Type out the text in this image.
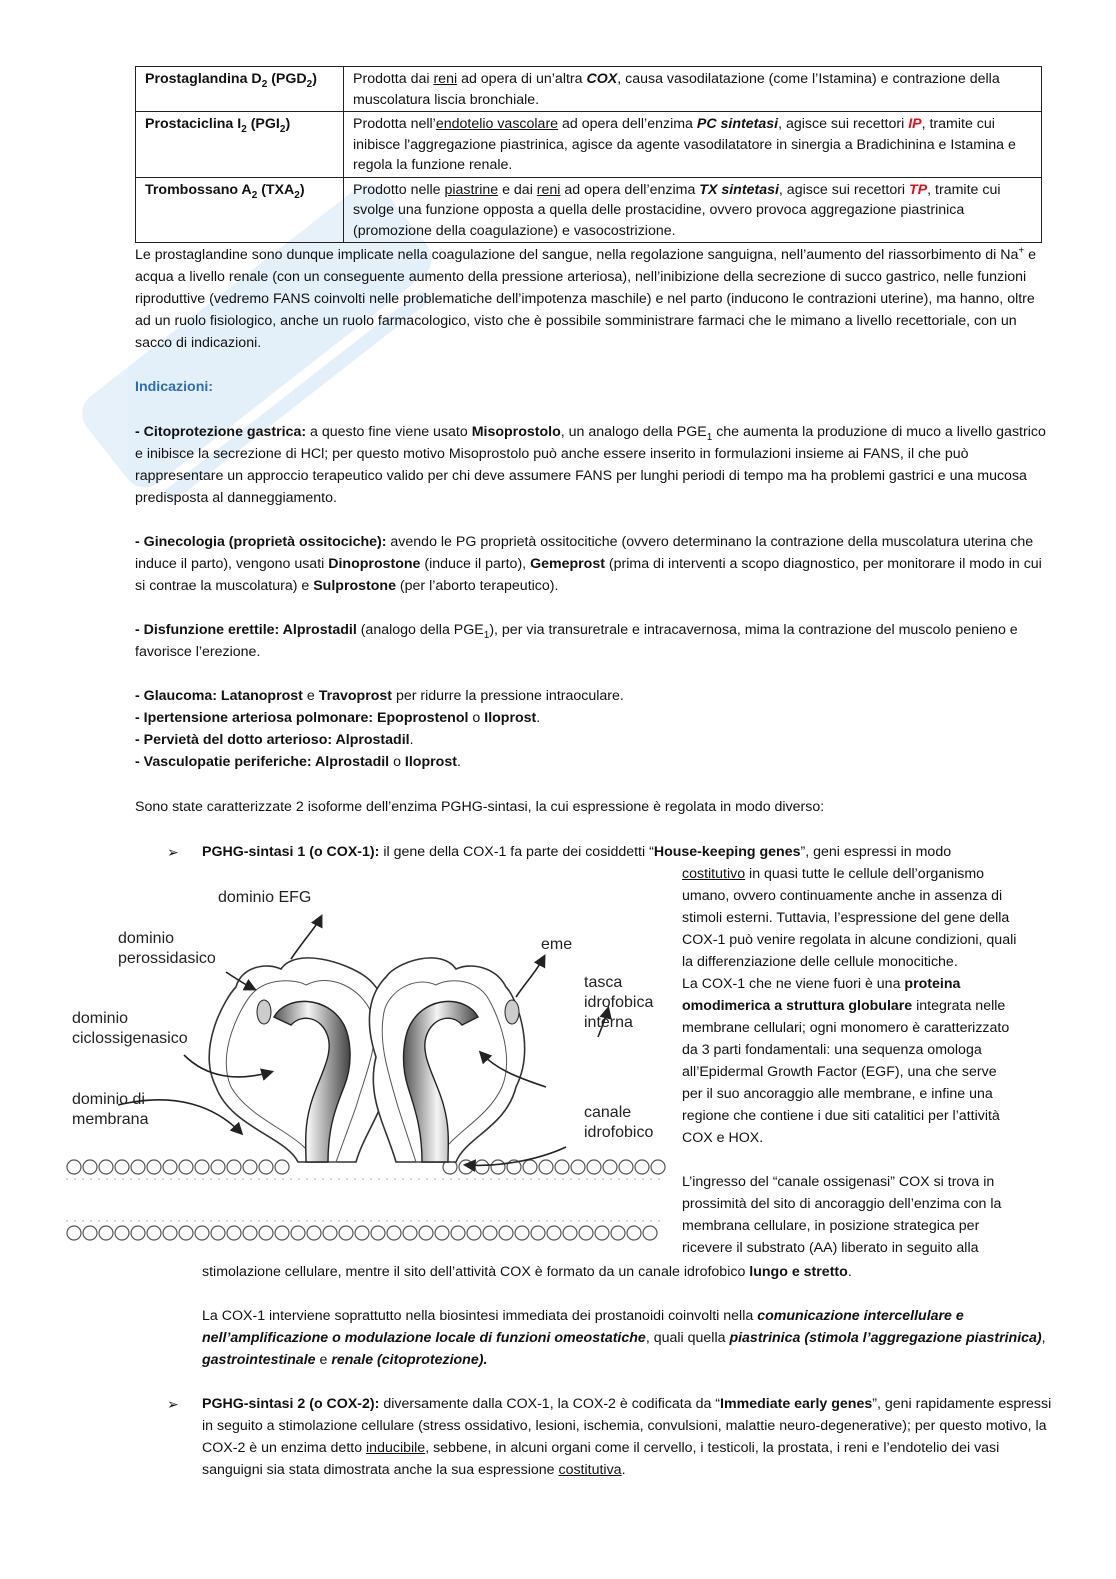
Prostaglandina $D_2$ $(PGD_2)$	Prodotta dai reni ad opera di un’altra COX, causa vasodilatazione (come l’Istamina) e contrazione della muscolatura liscia bronchiale.
Prostaciclina $I_2$ $(PGI_2)$	Prodotta nell’endotelio vascolare ad opera dell’enzima PC sintetasi, agisce sui recettori IP, tramite cui inibisce l'aggregazione piastrinica, agisce da agente vasodilatatore in sinergia a Bradichinina e Istamina e regola la funzione renale.
Trombossano $A_2$ $(TXA_2)$	Prodotto nelle piastrine e dai reni ad opera dell’enzima TX sintetasi, agisce sui recettori TP, tramite cui svolge una funzione opposta a quella delle prostacidine, ovvero provoca aggregazione piastrinica (promozione della coagulazione) e vasocostrizione.
Le prostaglandine sono dunque implicate nella coagulazione del sangue, nella regolazione sanguigna, nell’aumento del riassorbimento di Na+ e acqua a livello renale (con un conseguente aumento della pressione arteriosa), nell’inibizione della secrezione di succo gastrico, nelle funzioni riproduttive (vedremo FANS coinvolti nelle problematiche dell’impotenza maschile) e nel parto (inducono le contrazioni uterine), ma hanno, oltre ad un ruolo fisiologico, anche un ruolo farmacologico, visto che è possibile somministrare farmaci che le mimano a livello recettoriale, con un sacco di indicazioni.
Indicazioni:
- Citoprotezione gastrica: a questo fine viene usato Misoprostolo, un analogo della $PGE_1$ che aumenta la produzione di muco a livello gastrico e inibisce la secrezione di HCl; per questo motivo Misoprostolo può anche essere inserito in formulazioni insieme ai FANS, il che può rappresentare un approccio terapeutico valido per chi deve assumere FANS per lunghi periodi di tempo ma ha problemi gastrici e una mucosa predisposta al danneggiamento.
- Ginecologia (proprietà ossitociche): avendo le PG proprietà ossitocitiche (ovvero determinano la contrazione della muscolatura uterina che induce il parto), vengono usati Dinoprostone (induce il parto), Gemeprost (prima di interventi a scopo diagnostico, per monitorare il modo in cui si contrae la muscolatura) e Sulprostone (per l’aborto terapeutico).
- Disfunzione erettile: Alprostadil (analogo della $PGE_1$), per via transuretrale e intracavernosa, mima la contrazione del muscolo penieno e favorisce l’erezione.
- Glaucoma: Latanoprost e Travoprost per ridurre la pressione intraoculare.
- Ipertensione arteriosa polmonare: Epoprostenol o Iloprost.
- Pervietà del dotto arterioso: Alprostadil.
- Vasculopatie periferiche: Alprostadil o Iloprost.
Sono state caratterizzate 2 isoforme dell’enzima PGHG-sintasi, la cui espressione è regolata in modo diverso:
➢ PGHG-sintasi 1 (o COX-1): il gene della COX-1 fa parte dei cosiddetti “House-keeping genes”, geni espressi in modo
costitutivo in quasi tutte le cellule dell’organismo
umano, ovvero continuamente anche in assenza di
stimoli esterni. Tuttavia, l’espressione del gene della
COX-1 può venire regolata in alcune condizioni, quali
la differenziazione delle cellule monocitiche.
La COX-1 che ne viene fuori è una proteina
omodimerica a struttura globulare integrata nelle
membrane cellulari; ogni monomero è caratterizzato
da 3 parti fondamentali: una sequenza omologa
all’Epidermal Growth Factor (EGF), una che serve
per il suo ancoraggio alle membrane, e infine una
regione che contiene i due siti catalitici per l’attività
COX e HOX.
L’ingresso del “canale ossigenasi” COX si trova in
prossimità del sito di ancoraggio dell’enzima con la
membrana cellulare, in posizione strategica per
ricevere il substrato (AA) liberato in seguito alla
dominio EFG
dominio
perossidasico
eme
tasca
idrofobica
interna
dominio
ciclossigenasico
dominio di
membrana	canale
idrofobico
stimolazione cellulare, mentre il sito dell’attività COX è formato da un canale idrofobico lungo e stretto.
La COX-1 interviene soprattutto nella biosintesi immediata dei prostanoidi coinvolti nella comunicazione intercellulare e nell’amplificazione o modulazione locale di funzioni omeostatiche, quali quella piastrinica (stimola l’aggregazione piastrinica), gastrointestinale e renale (citoprotezione).
➢ PGHG-sintasi 2 (o COX-2): diversamente dalla COX-1, la COX-2 è codificata da “Immediate early genes”, geni rapidamente espressi in seguito a stimolazione cellulare (stress ossidativo, lesioni, ischemia, convulsioni, malattie neuro-degenerative); per questo motivo, la COX-2 è un enzima detto inducibile, sebbene, in alcuni organi come il cervello, i testicoli, la prostata, i reni e l’endotelio dei vasi sanguigni sia stata dimostrata anche la sua espressione costitutiva.
